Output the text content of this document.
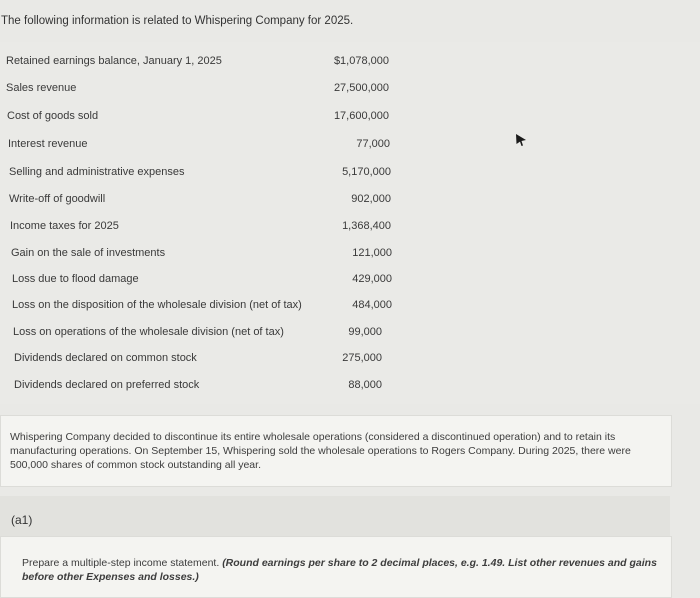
The following information is related to Whispering Company for 2025.
Retained earnings balance, January 1, 2025	$1,078,000
Sales revenue	27,500,000
Cost of goods sold	17,600,000
Interest revenue	77,000
Selling and administrative expenses	5,170,000
Write-off of goodwill	902,000
Income taxes for 2025	1,368,400
Gain on the sale of investments	121,000
Loss due to flood damage	429,000
Loss on the disposition of the wholesale division (net of tax)	484,000
Loss on operations of the wholesale division (net of tax)	99,000
Dividends declared on common stock	275,000
Dividends declared on preferred stock	88,000
Whispering Company decided to discontinue its entire wholesale operations (considered a discontinued operation) and to retain its manufacturing operations. On September 15, Whispering sold the wholesale operations to Rogers Company. During 2025, there were 500,000 shares of common stock outstanding all year.
(a1)
Prepare a multiple-step income statement. (Round earnings per share to 2 decimal places, e.g. 1.49. List other revenues and gains before other Expenses and losses.)
